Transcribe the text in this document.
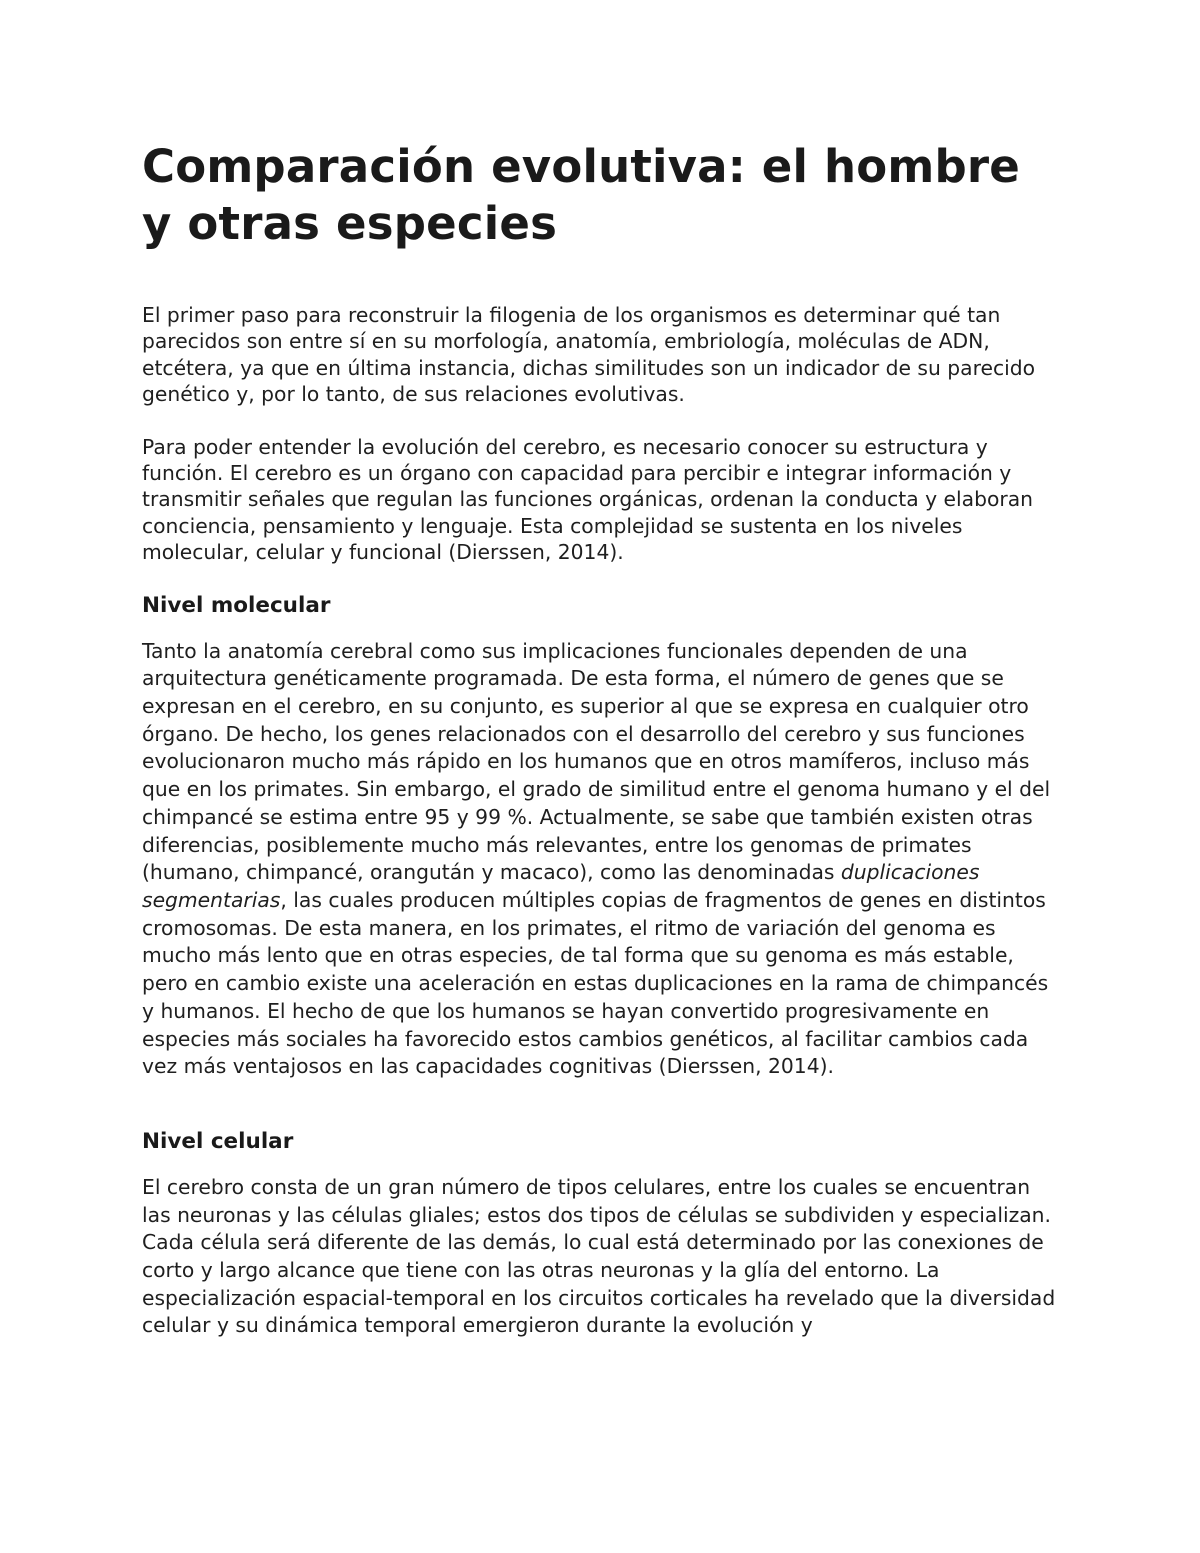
Comparación evolutiva: el hombre y otras especies

El primer paso para reconstruir la filogenia de los organismos es determinar qué tan parecidos son entre sí en su morfología, anatomía, embriología, moléculas de ADN, etcétera, ya que en última instancia, dichas similitudes son un indicador de su parecido genético y, por lo tanto, de sus relaciones evolutivas.

Para poder entender la evolución del cerebro, es necesario conocer su estructura y función. El cerebro es un órgano con capacidad para percibir e integrar información y transmitir señales que regulan las funciones orgánicas, ordenan la conducta y elaboran conciencia, pensamiento y lenguaje. Esta complejidad se sustenta en los niveles molecular, celular y funcional (Dierssen, 2014).

Nivel molecular

Tanto la anatomía cerebral como sus implicaciones funcionales dependen de una arquitectura genéticamente programada. De esta forma, el número de genes que se expresan en el cerebro, en su conjunto, es superior al que se expresa en cualquier otro órgano. De hecho, los genes relacionados con el desarrollo del cerebro y sus funciones evolucionaron mucho más rápido en los humanos que en otros mamíferos, incluso más que en los primates. Sin embargo, el grado de similitud entre el genoma humano y el del chimpancé se estima entre 95 y 99 %. Actualmente, se sabe que también existen otras diferencias, posiblemente mucho más relevantes, entre los genomas de primates (humano, chimpancé, orangután y macaco), como las denominadas duplicaciones segmentarias, las cuales producen múltiples copias de fragmentos de genes en distintos cromosomas. De esta manera, en los primates, el ritmo de variación del genoma es mucho más lento que en otras especies, de tal forma que su genoma es más estable, pero en cambio existe una aceleración en estas duplicaciones en la rama de chimpancés y humanos. El hecho de que los humanos se hayan convertido progresivamente en especies más sociales ha favorecido estos cambios genéticos, al facilitar cambios cada vez más ventajosos en las capacidades cognitivas (Dierssen, 2014).

Nivel celular

El cerebro consta de un gran número de tipos celulares, entre los cuales se encuentran las neuronas y las células gliales; estos dos tipos de células se subdividen y especializan. Cada célula será diferente de las demás, lo cual está determinado por las conexiones de corto y largo alcance que tiene con las otras neuronas y la glía del entorno. La especialización espacial-temporal en los circuitos corticales ha revelado que la diversidad celular y su dinámica temporal emergieron durante la evolución y
